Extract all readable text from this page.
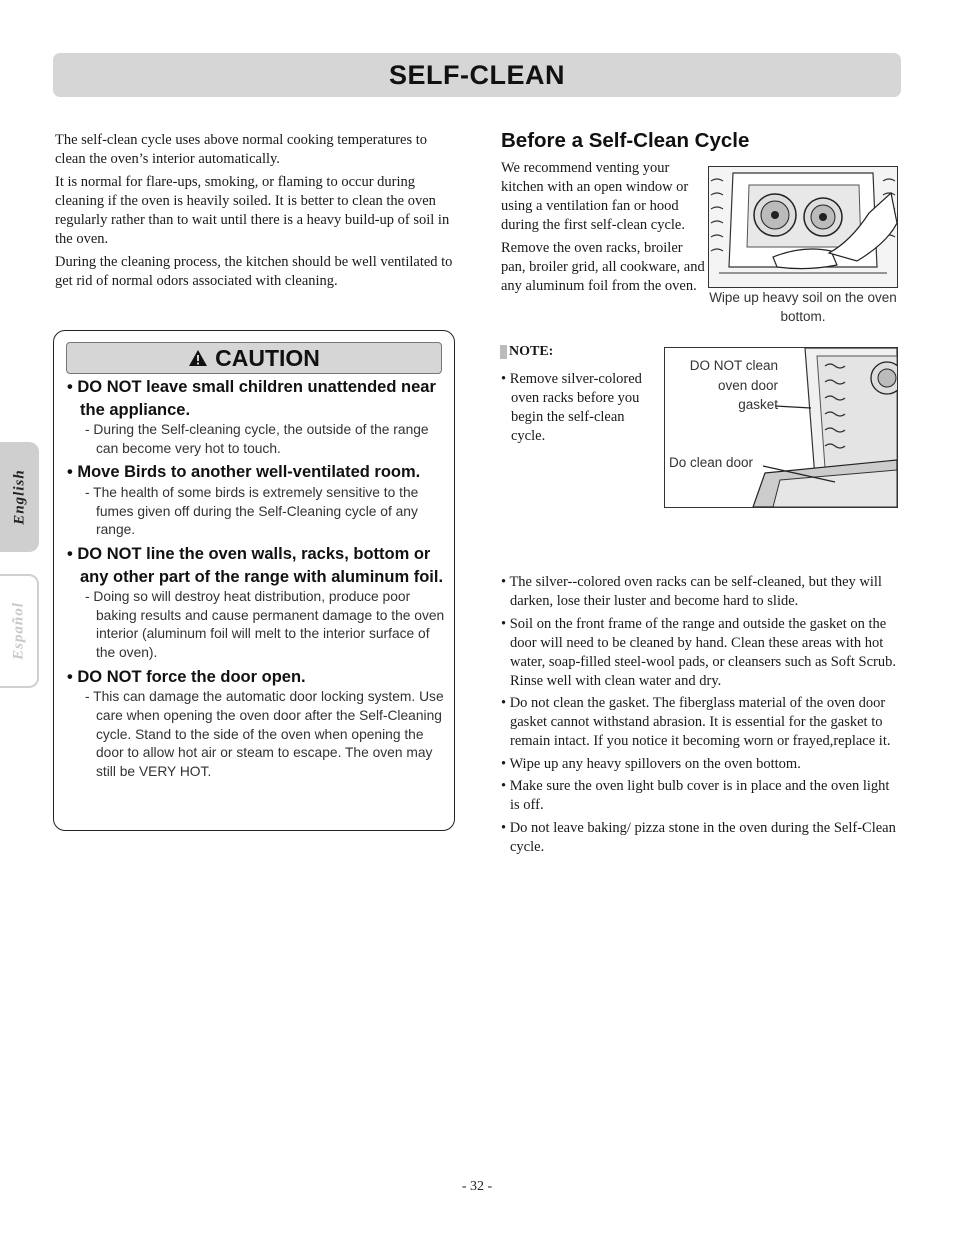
SELF-CLEAN
English
Español

The self-clean cycle uses above normal cooking temperatures to clean the oven’s interior automatically.

It is normal for flare-ups, smoking, or flaming to occur during cleaning if the oven is heavily soiled. It is better to clean the oven regularly rather than to wait until there is a heavy build-up of soil in the oven.

During the cleaning process, the kitchen should be well ventilated to get rid of normal odors associated with cleaning.

CAUTION
• DO NOT leave small children unattended near the appliance.
- During the Self-cleaning cycle, the outside of the range can become very hot to touch.
• Move Birds to another well-ventilated room.
- The health of some birds is extremely sensitive to the fumes given off during the Self-Cleaning cycle of any range.
• DO NOT line the oven walls, racks, bottom or any other part of the range with aluminum foil.
- Doing so will destroy heat distribution, produce poor baking results and cause permanent damage to the oven interior (aluminum foil will melt to the interior surface of the oven).
• DO NOT force the door open.
- This can damage the automatic door locking system. Use care when opening the oven door after the Self-Cleaning cycle. Stand to the side of the oven when opening the door to allow hot air or steam to escape. The oven may still be VERY HOT.
Before a Self-Clean Cycle

We recommend venting your kitchen with an open window or using a ventilation fan or hood during the first self-clean cycle.

Remove the oven racks, broiler pan, broiler grid, all cookware, and any aluminum foil from the oven.

Wipe up heavy soil on the oven bottom.
NOTE:
• Remove silver-colored oven racks before you begin the self-clean cycle.
DO NOT clean oven door gasket
Do clean door
• The silver--colored oven racks can be self-cleaned, but they will darken, lose their luster and become hard to slide.
• Soil on the front frame of the range and outside the gasket on the door will need to be cleaned by hand. Clean these areas with hot water, soap-filled steel-wool pads, or cleansers such as Soft Scrub. Rinse well with clean water and dry.
• Do not clean the gasket. The fiberglass material of the oven door gasket cannot withstand abrasion. It is essential for the gasket to remain intact. If you notice it becoming worn or frayed,replace it.
• Wipe up any heavy spillovers on the oven bottom.
• Make sure the oven light bulb cover is in place and the oven light is off.
• Do not leave baking/ pizza stone in the oven during the Self-Clean cycle.
- 32 -
